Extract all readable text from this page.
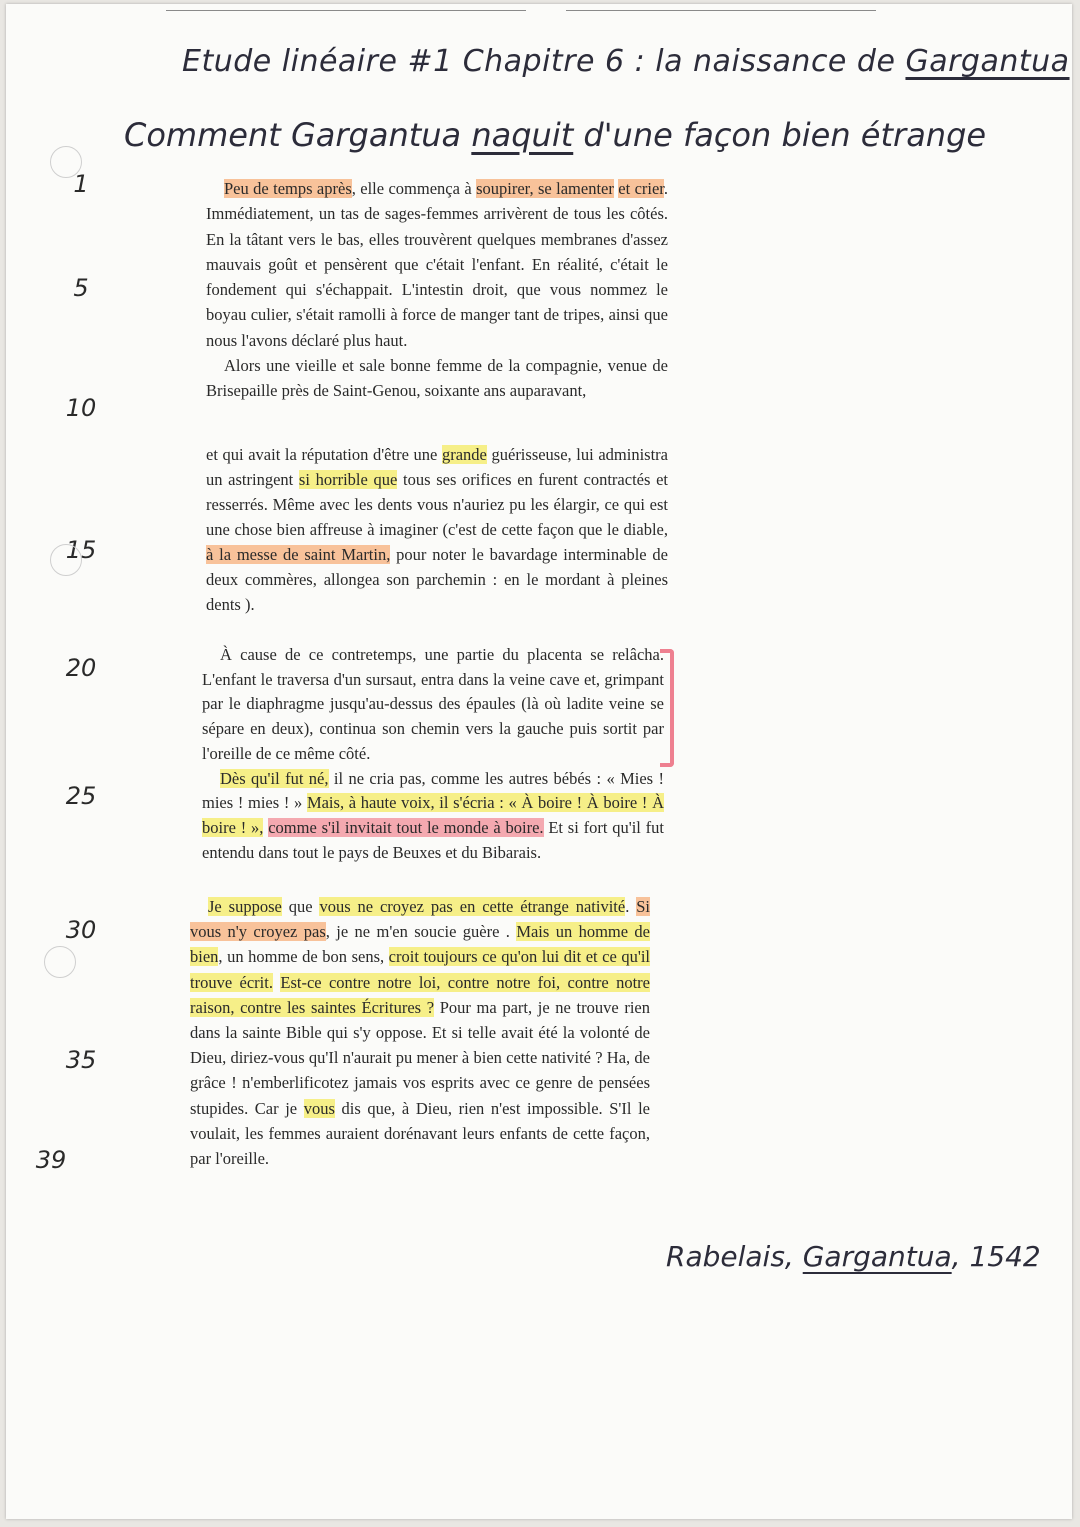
Etude linéaire #1 Chapitre 6 : la naissance de Gargantua
Comment Gargantua naquit d'une façon bien étrange
1
5
10
15
20
25
30
35
39

Peu de temps après, elle commença à soupirer, se lamenter et crier. Immédiatement, un tas de sages-femmes arrivèrent de tous les côtés. En la tâtant vers le bas, elles trouvèrent quelques membranes d'assez mauvais goût et pensèrent que c'était l'enfant. En réalité, c'était le fondement qui s'échappait. L'intestin droit, que vous nommez le boyau culier, s'était ramolli à force de manger tant de tripes, ainsi que nous l'avons déclaré plus haut.

Alors une vieille et sale bonne femme de la compagnie, venue de Brisepaille près de Saint-Genou, soixante ans auparavant,

et qui avait la réputation d'être une grande guérisseuse, lui administra un astringent si horrible que tous ses orifices en furent contractés et resserrés. Même avec les dents vous n'auriez pu les élargir, ce qui est une chose bien affreuse à imaginer (c'est de cette façon que le diable, à la messe de saint Martin, pour noter le bavardage interminable de deux commères, allongea son parchemin : en le mordant à pleines dents ).

À cause de ce contretemps, une partie du placenta se relâcha. L'enfant le traversa d'un sursaut, entra dans la veine cave et, grimpant par le diaphragme jusqu'au-dessus des épaules (là où ladite veine se sépare en deux), continua son chemin vers la gauche puis sortit par l'oreille de ce même côté.

Dès qu'il fut né, il ne cria pas, comme les autres bébés : « Mies ! mies ! mies ! » Mais, à haute voix, il s'écria : « À boire ! À boire ! À boire ! », comme s'il invitait tout le monde à boire. Et si fort qu'il fut entendu dans tout le pays de Beuxes et du Bibarais.

Je suppose que vous ne croyez pas en cette étrange nativité. Si vous n'y croyez pas, je ne m'en soucie guère . Mais un homme de bien, un homme de bon sens, croit toujours ce qu'on lui dit et ce qu'il trouve écrit. Est-ce contre notre loi, contre notre foi, contre notre raison, contre les saintes Écritures ? Pour ma part, je ne trouve rien dans la sainte Bible qui s'y oppose. Et si telle avait été la volonté de Dieu, diriez-vous qu'Il n'aurait pu mener à bien cette nativité ? Ha, de grâce ! n'emberlificotez jamais vos esprits avec ce genre de pensées stupides. Car je vous dis que, à Dieu, rien n'est impossible. S'Il le voulait, les femmes auraient dorénavant leurs enfants de cette façon, par l'oreille.

Rabelais, Gargantua, 1542
